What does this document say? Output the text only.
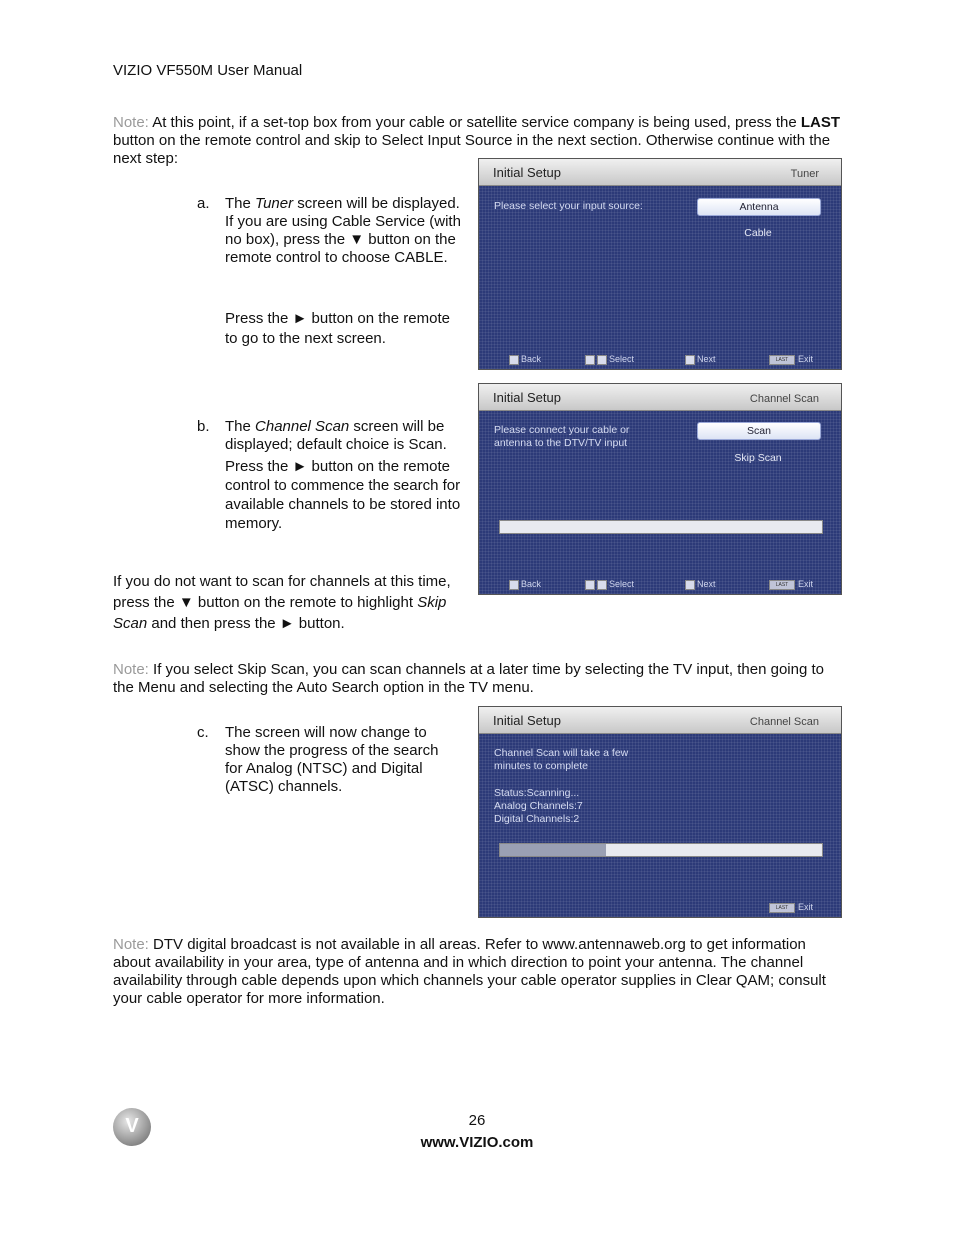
VIZIO VF550M User Manual
Note: At this point, if a set-top box from your cable or satellite service company is being used, press the LAST button on the remote control and skip to Select Input Source in the next section. Otherwise continue with the next step:
a. The Tuner screen will be displayed. If you are using Cable Service (with no box), press the ▼ button on the remote control to choose CABLE.
Press the ► button on the remote to go to the next screen.
Initial Setup	Tuner
Please select your input source:	Antenna
Cable
Back	Select	Next	LAST Exit
b. The Channel Scan screen will be displayed; default choice is Scan.
Press the ► button on the remote control to commence the search for available channels to be stored into memory.
Initial Setup	Channel Scan
Please connect your cable or
antenna to the DTV/TV input
Scan
Skip Scan
Back	Select	Next	LAST Exit
If you do not want to scan for channels at this time, press the ▼ button on the remote to highlight Skip Scan and then press the ► button.
Note: If you select Skip Scan, you can scan channels at a later time by selecting the TV input, then going to the Menu and selecting the Auto Search option in the TV menu.
c. The screen will now change to show the progress of the search for Analog (NTSC) and Digital (ATSC) channels.
Initial Setup	Channel Scan
Channel Scan will take a few
minutes to complete
Status:Scanning...
Analog Channels:7
Digital Channels:2
LAST Exit
Note: DTV digital broadcast is not available in all areas. Refer to www.antennaweb.org to get information about availability in your area, type of antenna and in which direction to point your antenna. The channel availability through cable depends upon which channels your cable operator supplies in Clear QAM; consult your cable operator for more information.
V	26
www.VIZIO.com
